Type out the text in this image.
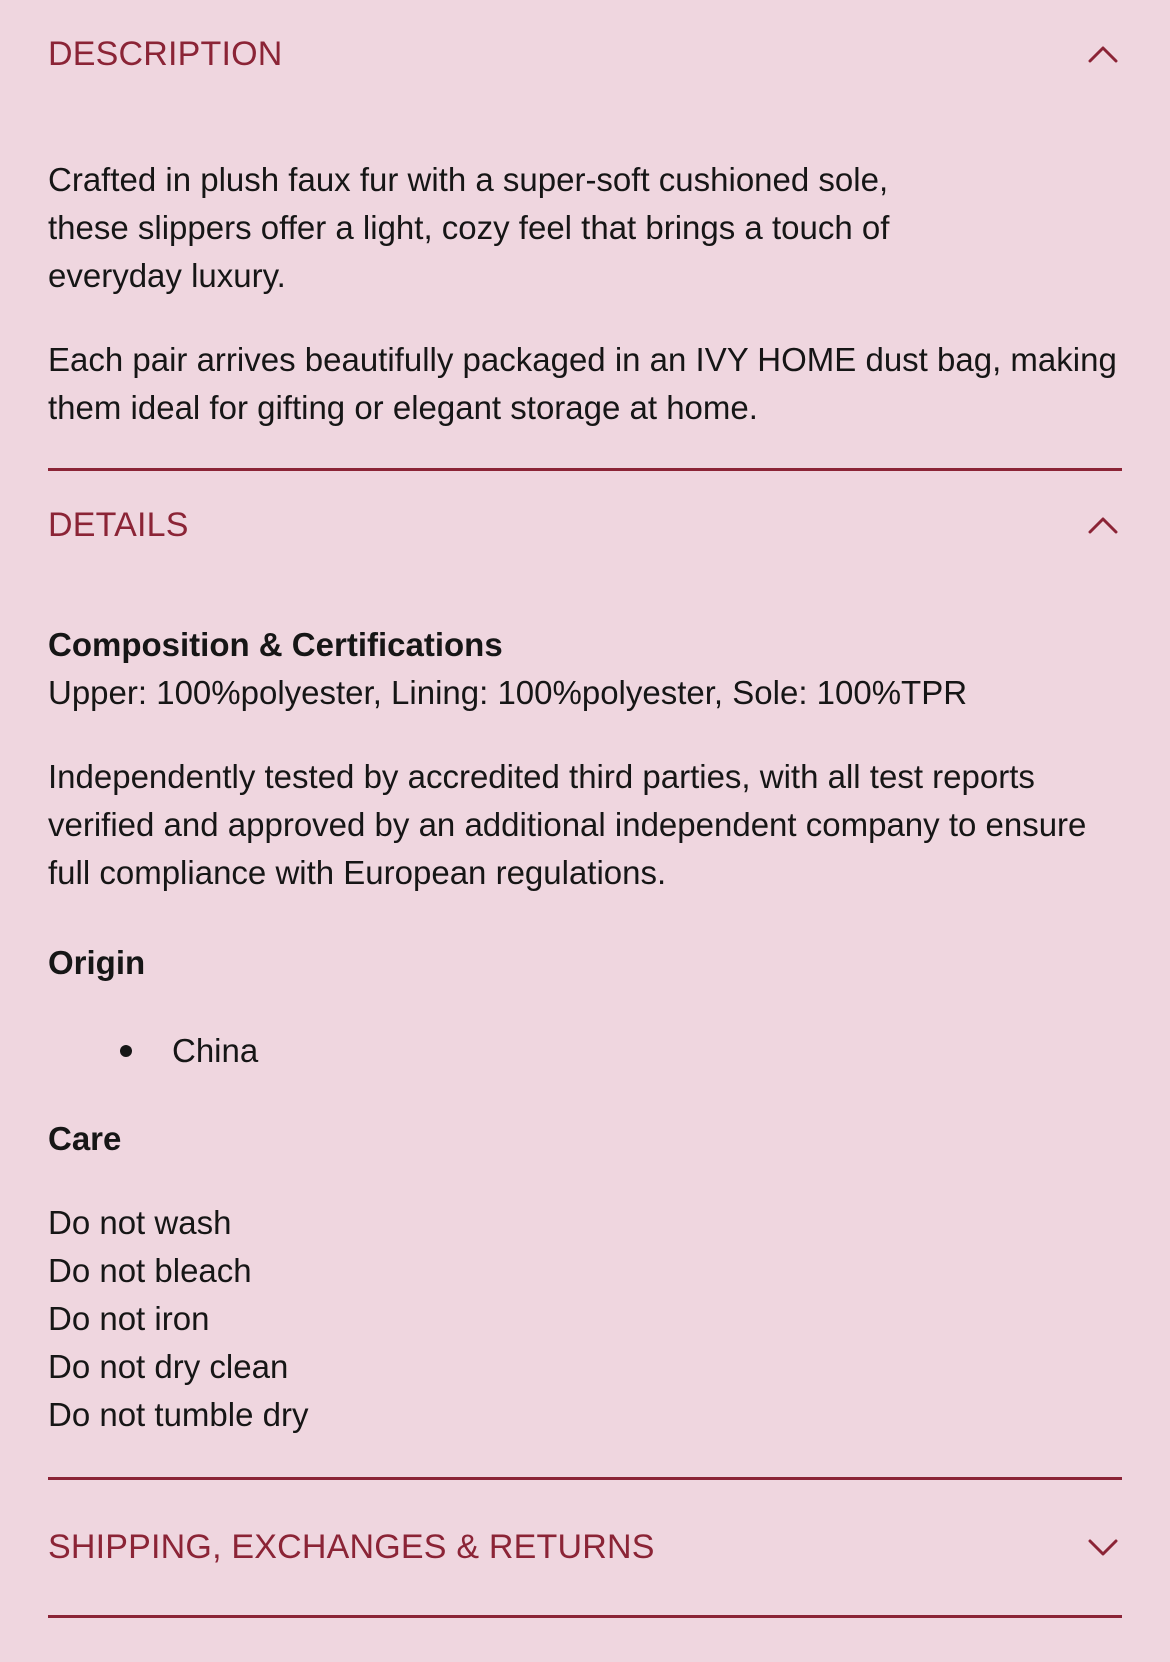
DESCRIPTION

Crafted in plush faux fur with a super-soft cushioned sole, these slippers offer a light, cozy feel that brings a touch of everyday luxury.

Each pair arrives beautifully packaged in an IVY HOME dust bag, making them ideal for gifting or elegant storage at home.

DETAILS

Composition & Certifications

Upper: 100%polyester, Lining: 100%polyester, Sole: 100%TPR

Independently tested by accredited third parties, with all test reports verified and approved by an additional independent company to ensure full compliance with European regulations.

Origin

China

Care

Do not wash
Do not bleach
Do not iron
Do not dry clean
Do not tumble dry
SHIPPING, EXCHANGES & RETURNS
